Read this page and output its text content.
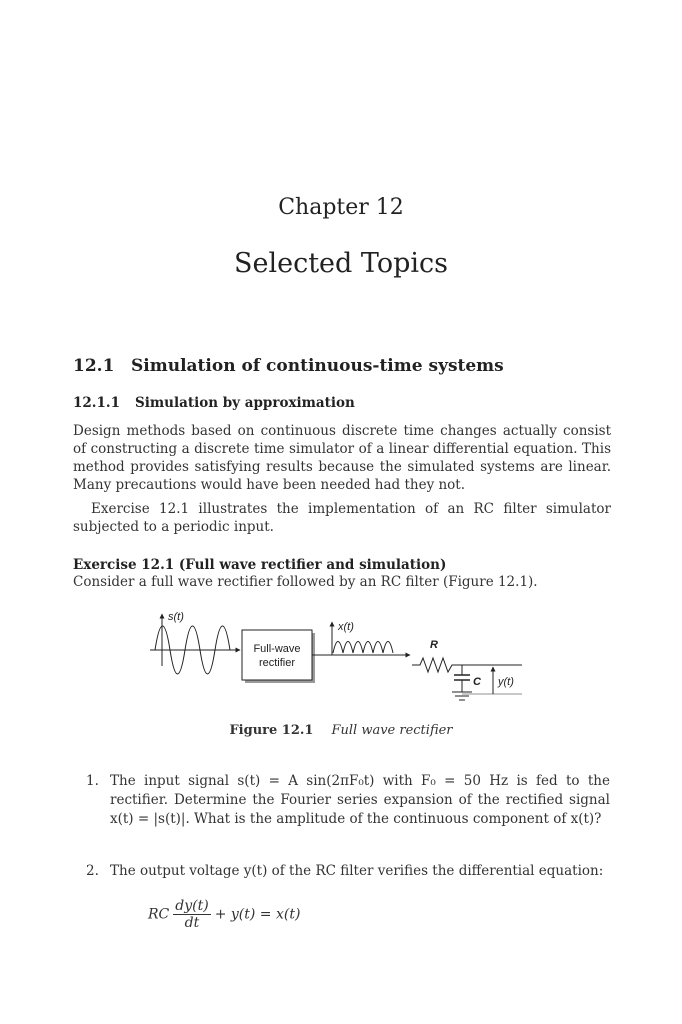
Chapter 12
Selected Topics
12.1 Simulation of continuous-time systems
12.1.1 Simulation by approximation
Design methods based on continuous discrete time changes actually consist of constructing a discrete time simulator of a linear differential equation. This method provides satisfying results because the simulated systems are linear. Many precautions would have been needed had they not.
Exercise 12.1 illustrates the implementation of an RC filter simulator subjected to a periodic input.
Exercise 12.1 (Full wave rectifier and simulation)
Consider a full wave rectifier followed by an RC filter (Figure 12.1).
s(t)
Full-wave
rectifier
x(t)
R
C y(t)
Figure 12.1 Full wave rectifier
1. The input signal s(t) = A sin(2πF₀t) with F₀ = 50 Hz is fed to the rectifier. Determine the Fourier series expansion of the rectified signal x(t) = |s(t)|. What is the amplitude of the continuous component of x(t)?
2. The output voltage y(t) of the RC filter verifies the differential equation:
RC $\frac{dy(t)}{dt} + y(t) = x(t)$
